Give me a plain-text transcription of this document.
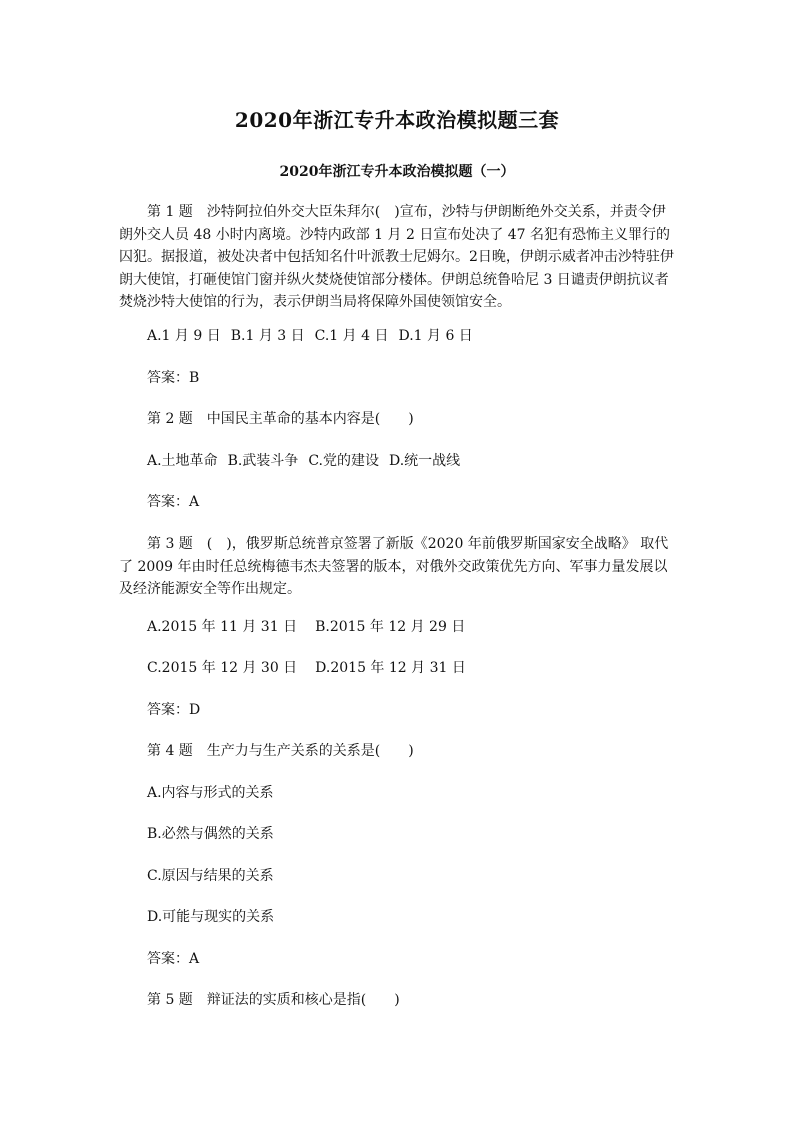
2020年浙江专升本政治模拟题三套
2020年浙江专升本政治模拟题（一）

第 1 题　沙特阿拉伯外交大臣朱拜尔(　)宣布，沙特与伊朗断绝外交关系，并责令伊朗外交人员 48 小时内离境。沙特内政部 1 月 2 日宣布处决了 47 名犯有恐怖主义罪行的囚犯。据报道，被处决者中包括知名什叶派教士尼姆尔。2日晚，伊朗示威者冲击沙特驻伊朗大使馆，打砸使馆门窗并纵火焚烧使馆部分楼体。伊朗总统鲁哈尼 3 日谴责伊朗抗议者焚烧沙特大使馆的行为，表示伊朗当局将保障外国使领馆安全。

A.1 月 9 日 B.1 月 3 日 C.1 月 4 日 D.1 月 6 日

答案：B

第 2 题　中国民主革命的基本内容是(　　)

A.土地革命 B.武装斗争 C.党的建设 D.统一战线

答案：A

第 3 题　(　)，俄罗斯总统普京签署了新版《2020 年前俄罗斯国家安全战略》 取代了 2009 年由时任总统梅德韦杰夫签署的版本，对俄外交政策优先方向、军事力量发展以及经济能源安全等作出规定。

A.2015 年 11 月 31 日 B.2015 年 12 月 29 日

C.2015 年 12 月 30 日 D.2015 年 12 月 31 日

答案：D

第 4 题　生产力与生产关系的关系是(　　)

A.内容与形式的关系

B.必然与偶然的关系

C.原因与结果的关系

D.可能与现实的关系

答案：A

第 5 题　辩证法的实质和核心是指(　　)
